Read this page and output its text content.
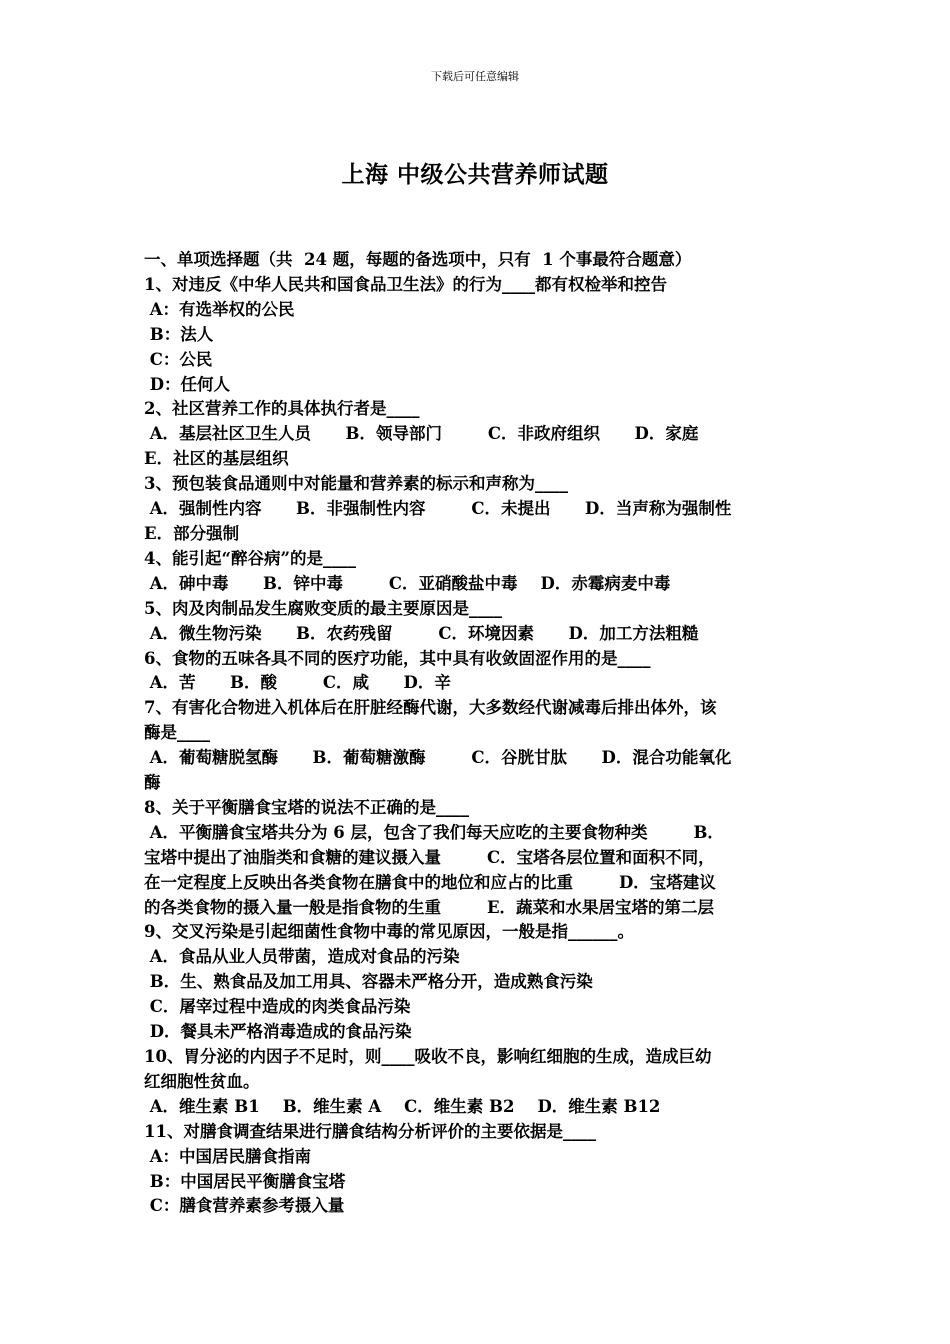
下载后可任意编辑
上海 中级公共营养师试题
一、单项选择题（共  24 题，每题的备选项中，只有  1 个事最符合题意）
1、对违反《中华人民共和国食品卫生法》的行为____都有权检举和控告
A：有选举权的公民
B：法人
C：公民
D：任何人
2、社区营养工作的具体执行者是____
A．基层社区卫生人员      B．领导部门        C．非政府组织      D．家庭
E．社区的基层组织
3、预包装食品通则中对能量和营养素的标示和声称为____
A．强制性内容      B．非强制性内容        C．未提出      D．当声称为强制性
E．部分强制
4、能引起“醉谷病”的是____
A．砷中毒      B．锌中毒        C．亚硝酸盐中毒    D．赤霉病麦中毒
5、肉及肉制品发生腐败变质的最主要原因是____
A．微生物污染      B．农药残留        C．环境因素      D．加工方法粗糙
6、食物的五味各具不同的医疗功能，其中具有收敛固涩作用的是____
A．苦      B．酸        C．咸      D．辛
7、有害化合物进入机体后在肝脏经酶代谢，大多数经代谢减毒后排出体外，该
酶是____
A．葡萄糖脱氢酶      B．葡萄糖激酶        C．谷胱甘肽      D．混合功能氧化
酶
8、关于平衡膳食宝塔的说法不正确的是____
A．平衡膳食宝塔共分为 6 层，包含了我们每天应吃的主要食物种类        B．
宝塔中提出了油脂类和食糖的建议摄入量        C．宝塔各层位置和面积不同，
在一定程度上反映出各类食物在膳食中的地位和应占的比重        D．宝塔建议
的各类食物的摄入量一般是指食物的生重        E．蔬菜和水果居宝塔的第二层
9、交叉污染是引起细菌性食物中毒的常见原因，一般是指______。
A．食品从业人员带菌，造成对食品的污染
B．生、熟食品及加工用具、容器未严格分开，造成熟食污染
C．屠宰过程中造成的肉类食品污染
D．餐具未严格消毒造成的食品污染
10、胃分泌的内因子不足时，则____吸收不良，影响红细胞的生成，造成巨幼
红细胞性贫血。
A．维生素 B1    B．维生素 A    C．维生素 B2    D．维生素 B12
11、对膳食调查结果进行膳食结构分析评价的主要依据是____
A：中国居民膳食指南
B：中国居民平衡膳食宝塔
C：膳食营养素参考摄入量
